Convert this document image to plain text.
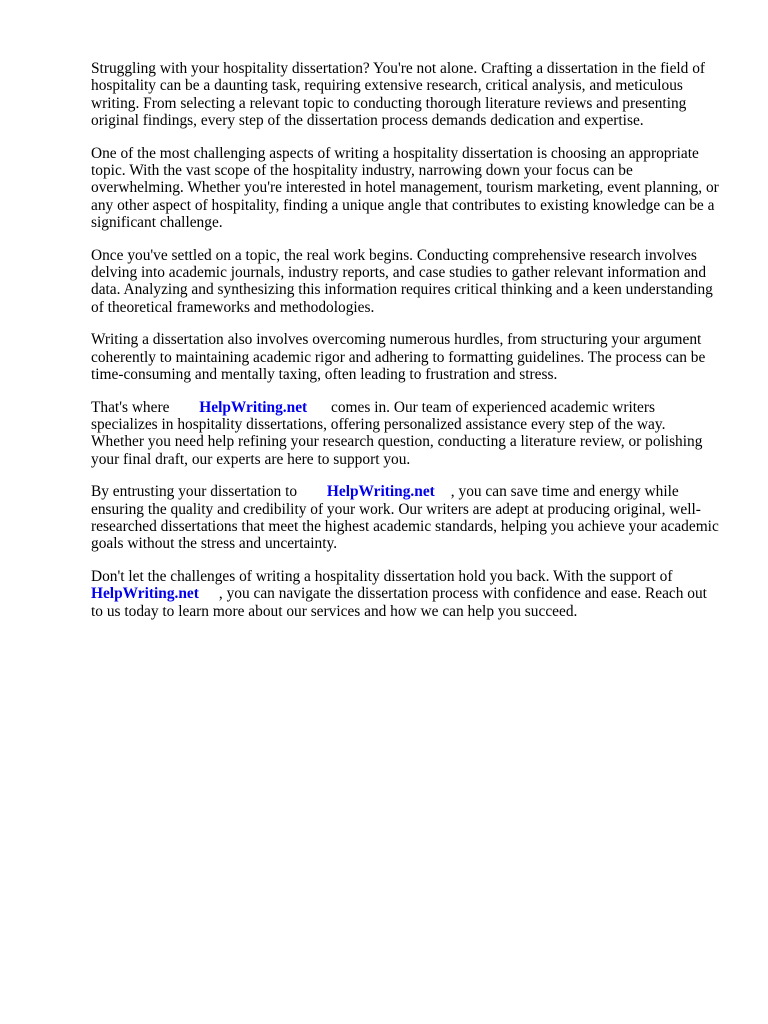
Struggling with your hospitality dissertation? You're not alone. Crafting a dissertation in the field of hospitality can be a daunting task, requiring extensive research, critical analysis, and meticulous writing. From selecting a relevant topic to conducting thorough literature reviews and presenting original findings, every step of the dissertation process demands dedication and expertise.

One of the most challenging aspects of writing a hospitality dissertation is choosing an appropriate topic. With the vast scope of the hospitality industry, narrowing down your focus can be overwhelming. Whether you're interested in hotel management, tourism marketing, event planning, or any other aspect of hospitality, finding a unique angle that contributes to existing knowledge can be a significant challenge.

Once you've settled on a topic, the real work begins. Conducting comprehensive research involves delving into academic journals, industry reports, and case studies to gather relevant information and data. Analyzing and synthesizing this information requires critical thinking and a keen understanding of theoretical frameworks and methodologies.

Writing a dissertation also involves overcoming numerous hurdles, from structuring your argument coherently to maintaining academic rigor and adhering to formatting guidelines. The process can be time-consuming and mentally taxing, often leading to frustration and stress.

That's where HelpWriting.net comes in. Our team of experienced academic writers specializes in hospitality dissertations, offering personalized assistance every step of the way. Whether you need help refining your research question, conducting a literature review, or polishing your final draft, our experts are here to support you.

By entrusting your dissertation to HelpWriting.net , you can save time and energy while ensuring the quality and credibility of your work. Our writers are adept at producing original, well-researched dissertations that meet the highest academic standards, helping you achieve your academic goals without the stress and uncertainty.

Don't let the challenges of writing a hospitality dissertation hold you back. With the support of HelpWriting.net , you can navigate the dissertation process with confidence and ease. Reach out to us today to learn more about our services and how we can help you succeed.
